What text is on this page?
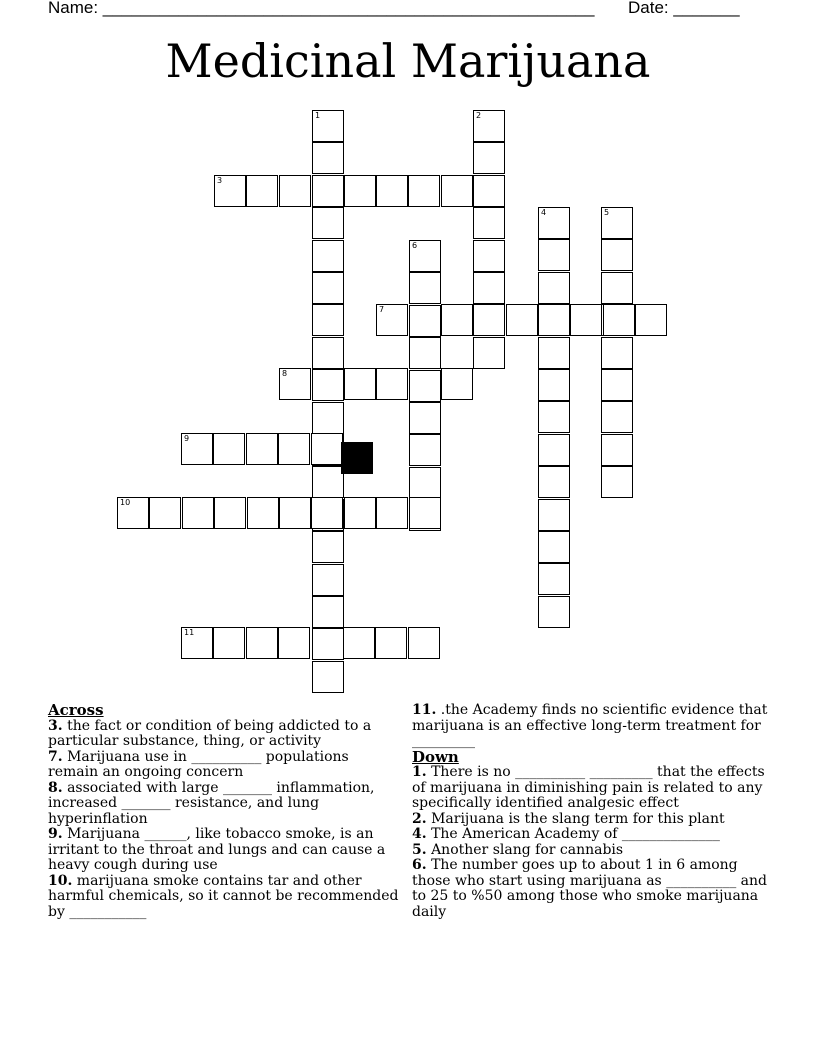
Name: ____________________________________________________ Date: _______
Medicinal Marijuana
1	2
3
4	5
6
7
8
9
10
11
Across

3. the fact or condition of being addicted to a particular substance, thing, or activity

7. Marijuana use in __________ populations remain an ongoing concern

8. associated with large _______ inflammation, increased _______ resistance, and lung hyperinflation

9. Marijuana ______, like tobacco smoke, is an irritant to the throat and lungs and can cause a heavy cough during use

10. marijuana smoke contains tar and other harmful chemicals, so it cannot be recommended by ___________

11. .the Academy finds no scientific evidence that marijuana is an effective long-term treatment for _________

Down

1. There is no __________ _________ that the effects of marijuana in diminishing pain is related to any specifically identified analgesic effect

2. Marijuana is the slang term for this plant

4. The American Academy of ______________

5. Another slang for cannabis

6. The number goes up to about 1 in 6 among those who start using marijuana as __________ and to 25 to %50 among those who smoke marijuana daily
